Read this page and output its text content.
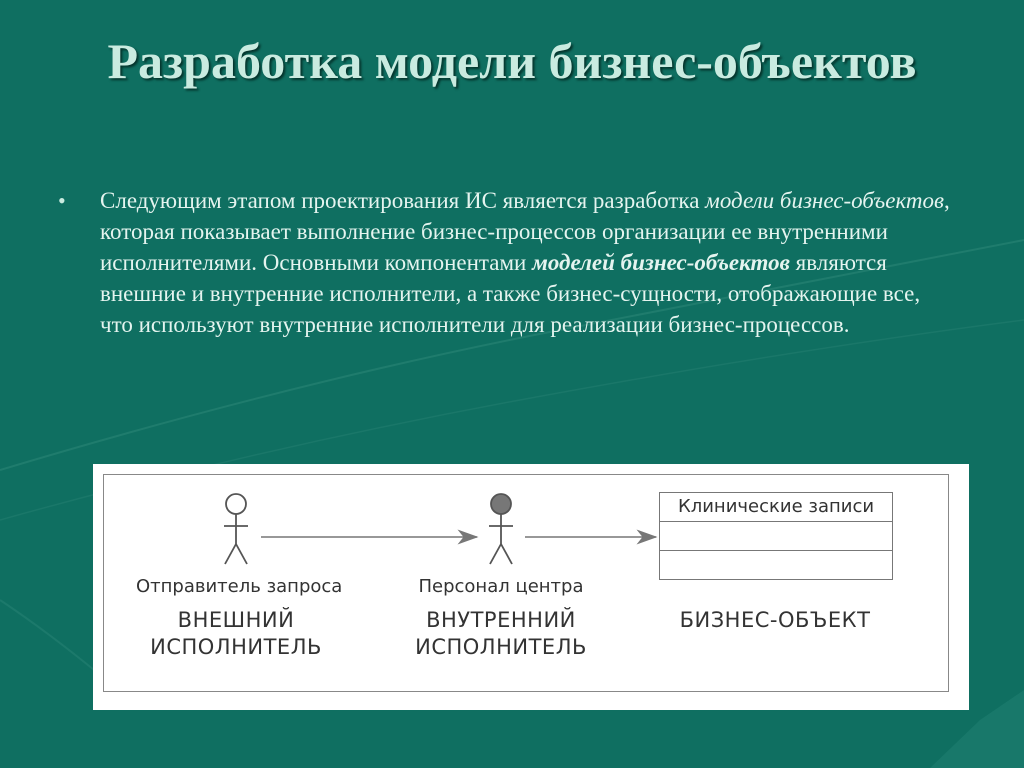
Разработка модели бизнес-объектов
• Следующим этапом проектирования ИС является разработка модели бизнес-объектов, которая показывает выполнение бизнес-процессов организации ее внутренними исполнителями. Основными компонентами моделей бизнес-объектов являются внешние и внутренние исполнители, а также бизнес-сущности, отображающие все, что используют внутренние исполнители для реализации бизнес-процессов.
Клинические записи
Отправитель запроса	Персонал центра
ВНЕШНИЙ
ИСПОЛНИТЕЛЬ
ВНУТРЕННИЙ
ИСПОЛНИТЕЛЬ
БИЗНЕС-ОБЪЕКТ
